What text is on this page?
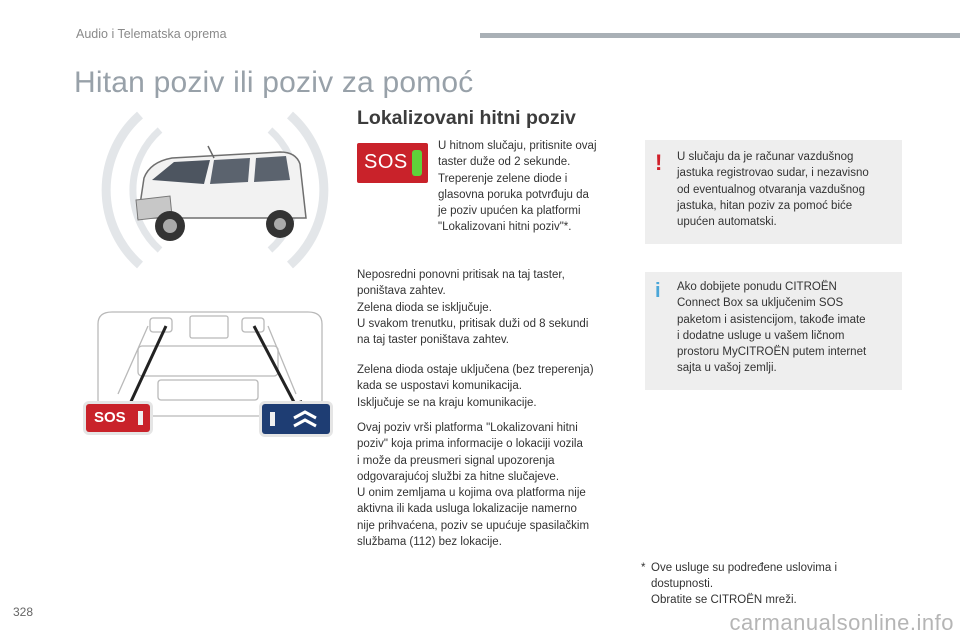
Audio i Telematska oprema
Hitan poziv ili poziv za pomoć
SOS
Lokalizovani hitni poziv
SOS

U hitnom slučaju, pritisnite ovaj
taster duže od 2 sekunde.
Treperenje zelene diode i
glasovna poruka potvrđuju da
je poziv upućen ka platformi
"Lokalizovani hitni poziv"*.

Neposredni ponovni pritisak na taj taster,
poništava zahtev.
Zelena dioda se isključuje.
U svakom trenutku, pritisak duži od 8 sekundi
na taj taster poništava zahtev.

Zelena dioda ostaje uključena (bez treperenja)
kada se uspostavi komunikacija.
Isključuje se na kraju komunikacije.

Ovaj poziv vrši platforma "Lokalizovani hitni
poziv" koja prima informacije o lokaciji vozila
i može da preusmeri signal upozorenja
odgovarajućoj službi za hitne slučajeve.
U onim zemljama u kojima ova platforma nije
aktivna ili kada usluga lokalizacije namerno
nije prihvaćena, poziv se upućuje spasilačkim
službama (112) bez lokacije.

U slučaju da je računar vazdušnog
jastuka registrovao sudar, i nezavisno
od eventualnog otvaranja vazdušnog
jastuka, hitan poziv za pomoć biće
upućen automatski.

!

Ako dobijete ponudu CITROËN
Connect Box sa uključenim SOS
paketom i asistencijom, takođe imate
i dodatne usluge u vašem ličnom
prostoru MyCITROËN putem internet
sajta u vašoj zemlji.

i
* Ove usluge su podređene uslovima i
dostupnosti.
Obratite se CITROËN mreži.
328	carmanualsonline.info
